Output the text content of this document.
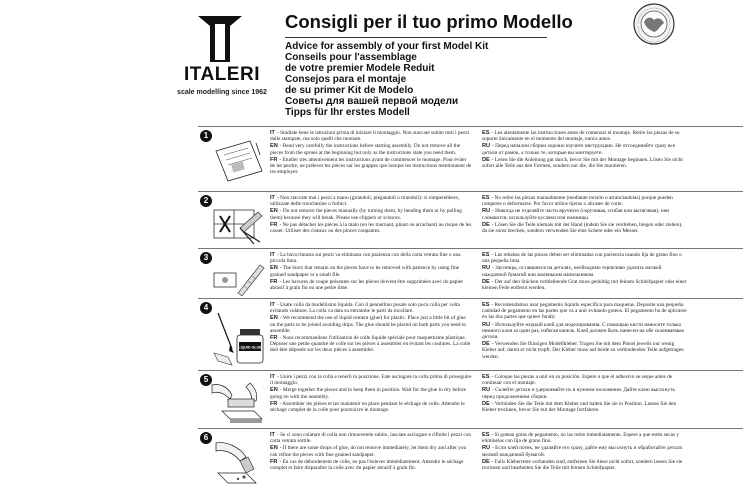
ITALERI
scale modelling since 1962
Consigli per il tuo primo Modello
Advice for assembly of your first Model Kit
Conseils pour l'assemblage
de votre premier Modele Reduit
Consejos para el montaje
de su primer Kit de Modelo
Советы для вашей первой модели
Tipps für Ihr erstes Modell
1	IT - Studiate bene le istruzioni prima di iniziare il montaggio. Non staccate subito tutti i pezzi dalle stampate, ma solo quelli che montate.
EN - Read very carefully the instructions before starting assembly. Do not remove all the pieces from the sprues at the beginning but only as the instructions state you need them.
FR - Etudier très attentivement les instructions avant de commencer le montage. Pour éviter de les perdre, ne prélever les pièces sur les grappes que lorsque les instructions mentionnent de les employer.
ES - Lea atentamente las instrucciones antes de comenzar el montaje. Retire las piezas de su soporte únicamente en el momento del montaje, nunca antes.
RU - Перед началом сборки хорошо изучите инструкцию. Не отсоединяйте сразу все детали от рамок, а только те, которые вы монтируете.
DE - Lesen Sie die Anleitung gut durch, bevor Sie mit der Montage beginnen. Lösen Sie nicht sofort alle Teile aus den Formen, sondern nur die, die Sie montieren.
2	IT - Non staccate mai i pezzi a mano (girandoli, piegandoli o tirandoli): si romperebbero, utilizzate delle tronchesine o forbici.
EN - Do not remove the pieces manually (by turning them, by bending them or by pulling them) because they will break. Please use clippers or scissors.
FR - Ne pas détacher les pièces à la main (en les tournant, pliant ou arrachant) au risque de les casser. Utiliser des ciseaux ou des pinces coupantes.
ES - No retire las piezas manualmente (mediante torsión o arrancándolas) porque pueden romperse o deformarse. Por favor utilice tijeras o alicates de corte.
RU - Никогда не отделяйте части вручную (скручивая, сгибая или вытягивая), они сломаются, используйте кусачки или ножницы.
DE - Lösen Sie die Teile niemals mit der Hand (indem Sie sie verdrehen, biegen oder ziehen), da sie sonst brechen, sondern verwenden Sie eine Schere oder ein Messer.
3	IT - La bava rimasta sui pezzi va eliminata con pazienza con della carta vetrata fine o una piccola lima.
EN - The burrs that remain on the pieces have to be removed with patience by using fine grained sandpaper or a small file.
FR - Les bavures de coupe présentes sur les pièces doivent être supprimées avec du papier abrasif à grain fin ou une petite lime.
ES - Las rebabas de las piezas deben ser eliminadas con paciencia usando lija de grano fino o una pequeña lima.
RU - Заусенцы, оставшиеся на деталях, необходимо терпеливо удалить мелкой наждачной бумагой или маленьким напильником.
DE - Der auf den Stücken verbleibende Grat muss geduldig mit feinem Schleifpapier oder einer kleinen Feile entfernt werden.
4
LIQUID GLUE
IT - Usate colla da modellismo liquida. Con il pennellino posate solo poca colla per volta evitando colature. La colla va data su entrambe le parti da incollare.
EN - We recommend the use of liquid cement (glue) for plastic. Place just a little bit of glue on the parts to be joined avoiding drips. The glue should be placed on both parts you need to assemble.
FR - Nous recommandons l'utilisation de colle liquide spéciale pour maquettisme plastique. Déposer une petite quantité de colle sur les pièces à assembler en évitant les coulures. La colle doit être déposée sur les deux pièces à assembler.
ES - Recomendamos usar pegamento líquido específico para maquetas. Deposite una pequeña cantidad de pegamento en las partes que va a unir evitando goteos. El pegamento ha de aplicarse en las dos partes que quiere fundir.
RU - Используйте жидкий клей для моделирования. С помощью кисти наносите только немного клея за один раз, избегая капель. Клей должен быть нанесен на обе склеиваемые детали.
DE - Verwenden Sie flüssigen Modellkleber. Tragen Sie mit dem Pinsel jeweils nur wenig Kleber auf, damit er nicht tropft. Der Kleber muss auf beide zu verbindenden Teile aufgetragen werden.
5	IT - Unire i pezzi con la colla e tenerli in posizione. Fate asciugare la colla prima di proseguire il montaggio.
EN - Merge together the pieces and to keep them in position. Wait for the glue to dry before going on with the assembly.
FR - Assembler les pièces et les maintenir en place pendant le séchage de colle. Attendre le séchage complet de la colle pour poursuivre le montage.
ES - Coloque las piezas a unir en su posición. Espere a que el adhesivo se seque antes de continuar con el montaje.
RU - Склейте детали и удерживайте их в нужном положении. Дайте клею высохнуть перед продолжением сборки.
DE - Verbinden Sie die Teile mit dem Kleber und halten Sie sie in Position. Lassen Sie den Kleber trocknen, bevor Sie mit der Montage fortfahren.
6	IT - Se ci sono colature di colla non rimuovetele subito, lasciate asciugare e rifinite i pezzi con carta vetrata sottile.
EN - If there are some drops of glue, do not remove immediately, let them dry and after you can refine the pieces with fine grained sandpaper.
FR - En cas de débordement de colle, ne pas l'enlever immédiatement. Attendre le séchage complet et faire disparaître la colle avec du papier abrasif à grain fin.
ES - Si gotean gotas de pegamento, no las retire inmediatamente. Espere a que estén secas y elimínelas con lija de grano fino.
RU - Если клей потек, не удаляйте его сразу, дайте ему высохнуть и обработайте детали мелкой наждачной бумагой.
DE - Falls Kleberreste vorhanden sind, entfernen Sie diese nicht sofort, sondern lassen Sie sie trocknen und bearbeiten Sie die Teile mit feinem Schleifpapier.
